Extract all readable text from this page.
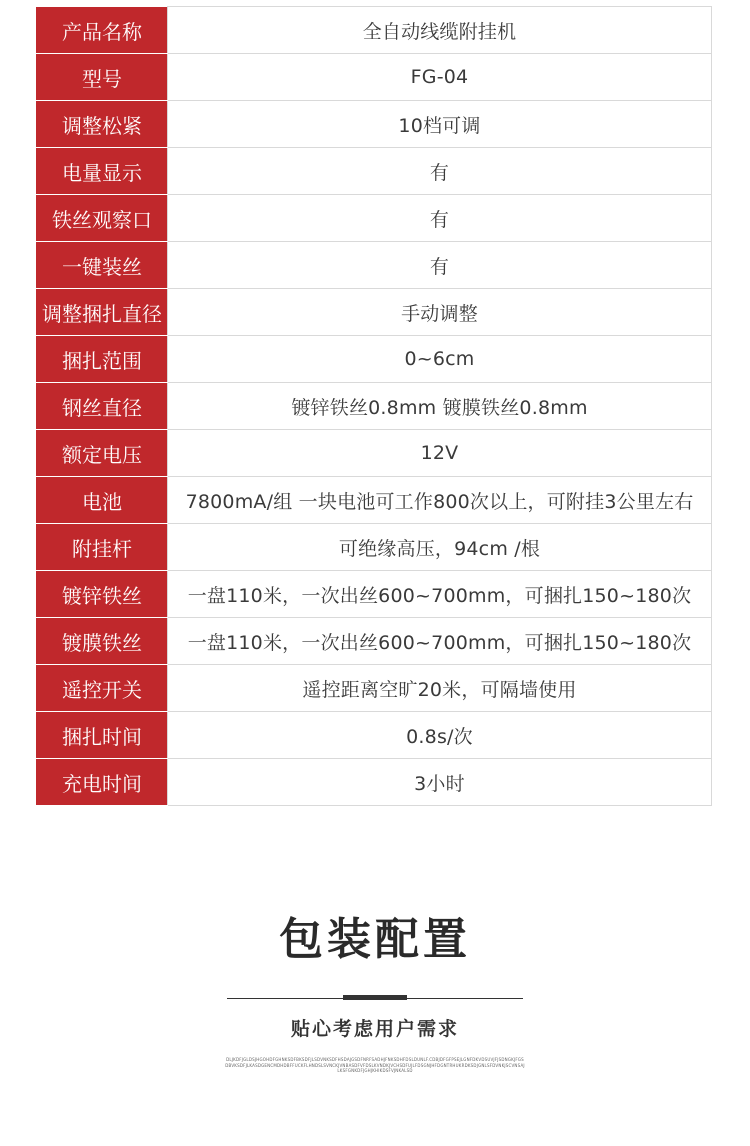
产品名称	全自动线缆附挂机
型号	FG-04
调整松紧	10档可调
电量显示	有
铁丝观察口	有
一键装丝	有
调整捆扎直径	手动调整
捆扎范围	0~6cm
钢丝直径	镀锌铁丝0.8mm 镀膜铁丝0.8mm
额定电压	12V
电池	7800mA/组 一块电池可工作800次以上，可附挂3公里左右
附挂杆	可绝缘高压，94cm /根
镀锌铁丝	一盘110米，一次出丝600~700mm，可捆扎150~180次
镀膜铁丝	一盘110米，一次出丝600~700mm，可捆扎150~180次
遥控开关	遥控距离空旷20米，可隔墙使用
捆扎时间	0.8s/次
充电时间	3小时
包装配置
贴心考虑用户需求
DLJKDFJGLDSJHGOHDFGHNKSDFBKSDFJLSDVNKSDFHSDAJGSDFNRFSADHJFNKSDHFDSLDUNLF.CDBJDFGFPSEJLGNFDKVDSUVJFJSDNGKJFGSDBVKSDFJLKASDGENCMDHDBFFUCKFLHNDSLSVNCKJVNBASDFVFDSLKVNDKJVCHSDFUJLFDSGNJHFDGNTRHUKRDKSDJGNLSFDVNKJSCVNSAJLKSFGNKDFJGHJKHIKDSFVJNKALSD
